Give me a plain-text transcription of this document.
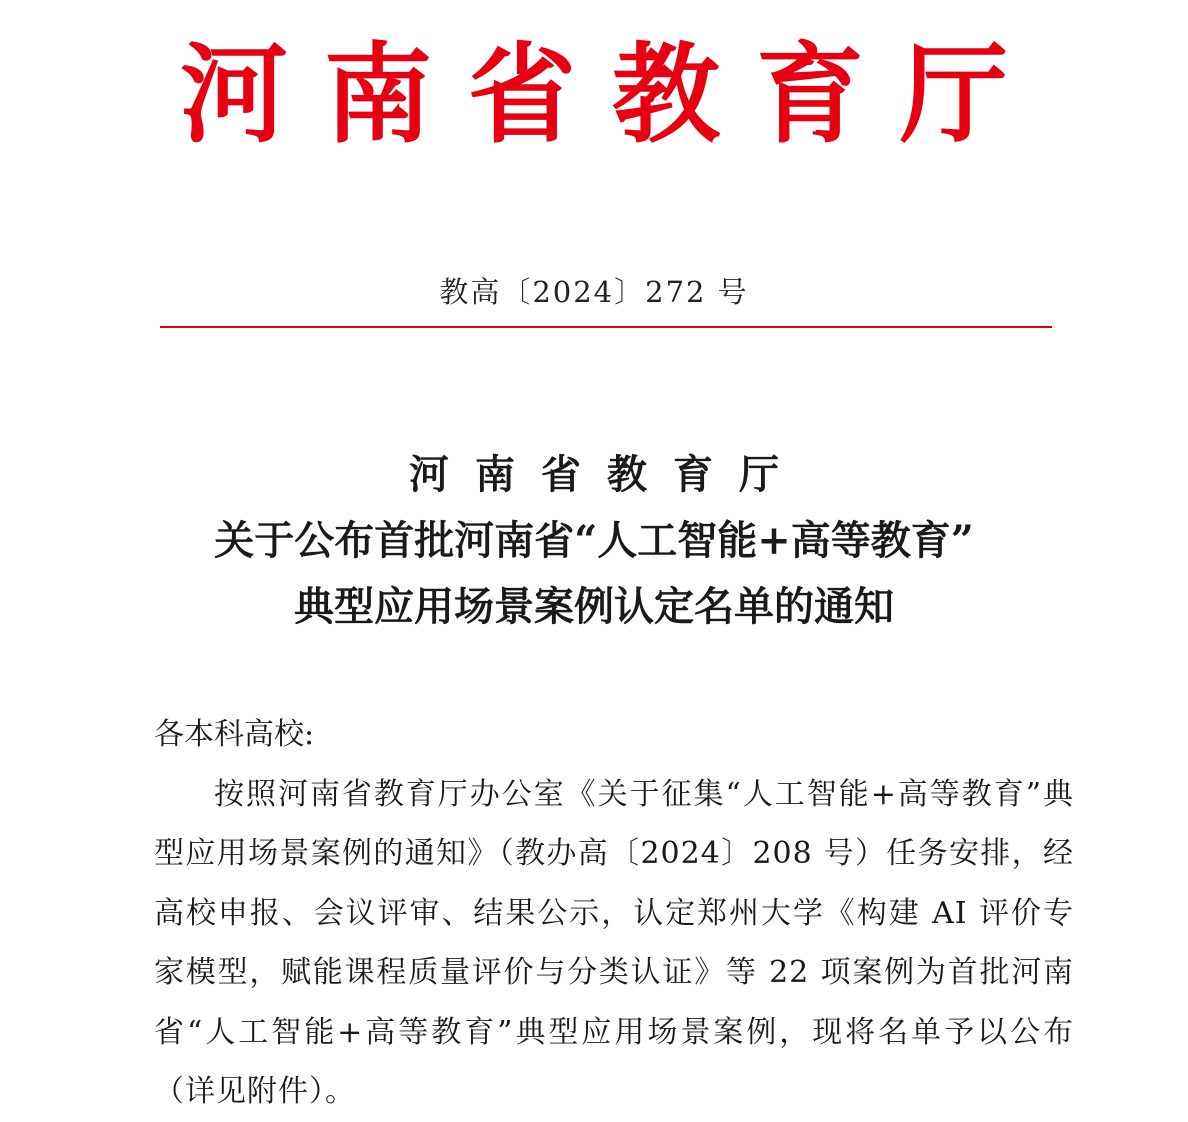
河南省教育厅
教高〔2024〕272 号
河南省教育厅
关于公布首批河南省“人工智能+高等教育”
典型应用场景案例认定名单的通知
各本科高校:
按照河南省教育厅办公室《关于征集“人工智能+高等教育”典型应用场景案例的通知》（教办高〔2024〕208 号）任务安排，经高校申报、会议评审、结果公示，认定郑州大学《构建 AI 评价专家模型，赋能课程质量评价与分类认证》等 22 项案例为首批河南省“人工智能+高等教育”典型应用场景案例，现将名单予以公布（详见附件）。
